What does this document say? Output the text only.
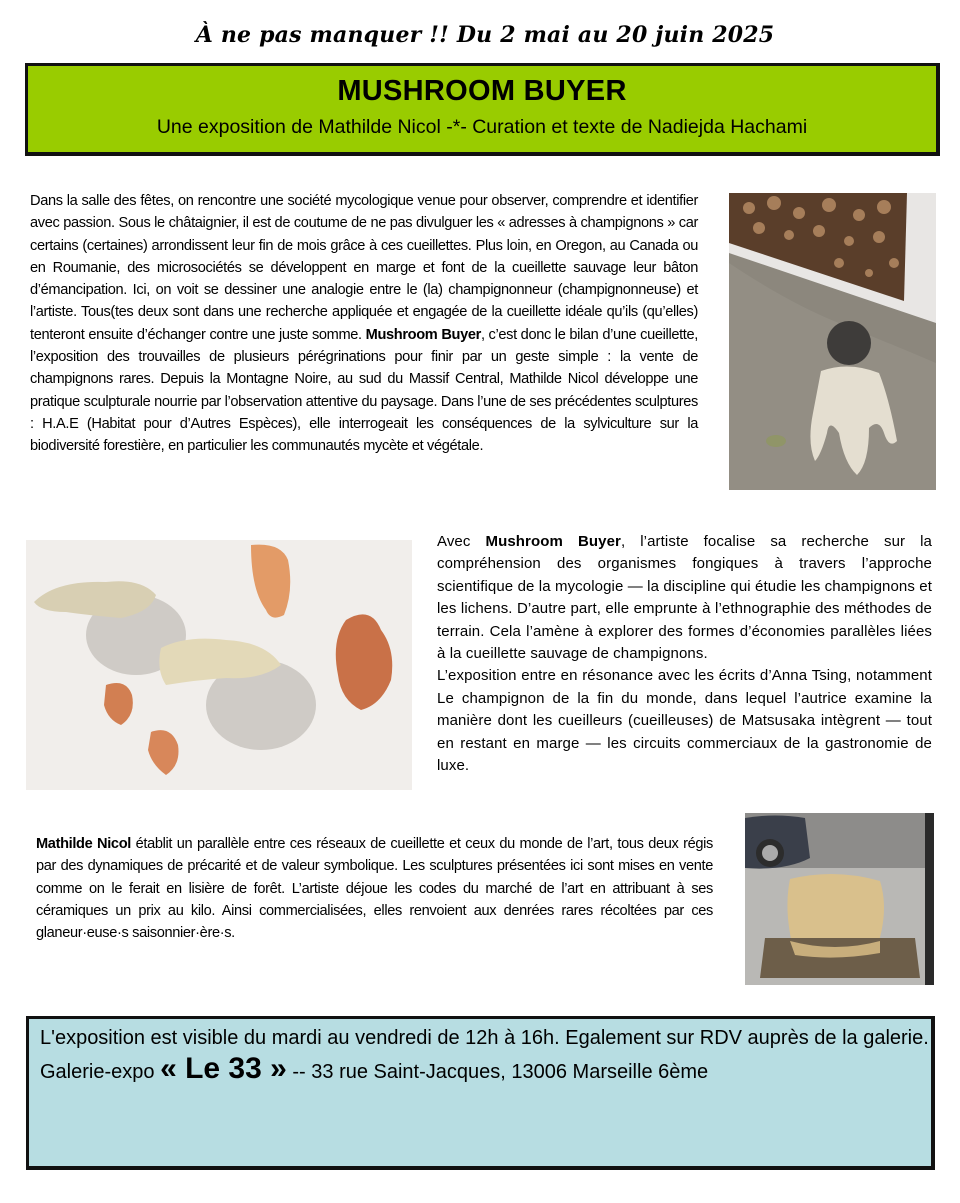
À ne pas manquer !! Du 2 mai au 20 juin 2025
MUSHROOM BUYER
Une exposition de Mathilde Nicol -*- Curation et texte de Nadiejda Hachami
Dans la salle des fêtes, on rencontre une société mycologique venue pour observer, comprendre et identifier avec passion. Sous le châtaignier, il est de coutume de ne pas divulguer les « adresses à champignons » car certains (certaines) arrondissent leur fin de mois grâce à ces cueillettes. Plus loin, en Oregon, au Canada ou en Roumanie, des microsociétés se développent en marge et font de la cueillette sauvage leur bâton d’émancipation. Ici, on voit se dessiner une analogie entre le (la) champignonneur (champignonneuse) et l’artiste. Tous(tes deux sont dans une recherche appliquée et engagée de la cueillette idéale qu’ils (qu’elles) tenteront ensuite d’échanger contre une juste somme. Mushroom Buyer, c’est donc le bilan d’une cueillette, l’exposition des trouvailles de plusieurs pérégrinations pour finir par un geste simple : la vente de champignons rares. Depuis la Montagne Noire, au sud du Massif Central, Mathilde Nicol développe une pratique sculpturale nourrie par l’observation attentive du paysage. Dans l’une de ses précédentes sculptures : H.A.E (Habitat pour d’Autres Espèces), elle interrogeait les conséquences de la sylviculture sur la biodiversité forestière, en particulier les communautés mycète et végétale.
Avec Mushroom Buyer, l’artiste focalise sa recherche sur la compréhension des organismes fongiques à travers l’approche scientifique de la mycologie — la discipline qui étudie les champignons et les lichens. D’autre part, elle emprunte à l’ethnographie des méthodes de terrain. Cela l’amène à explorer des formes d’économies parallèles liées à la cueillette sauvage de champignons.
L’exposition entre en résonance avec les écrits d’Anna Tsing, notamment Le champignon de la fin du monde, dans lequel l’autrice examine la manière dont les cueilleurs (cueilleuses) de Matsusaka intègrent — tout en restant en marge — les circuits commerciaux de la gastronomie de luxe.
Mathilde Nicol établit un parallèle entre ces réseaux de cueillette et ceux du monde de l’art, tous deux régis par des dynamiques de précarité et de valeur symbolique. Les sculptures présentées ici sont mises en vente comme on le ferait en lisière de forêt. L’artiste déjoue les codes du marché de l’art en attribuant à ses céramiques un prix au kilo. Ainsi commercialisées, elles renvoient aux denrées rares récoltées par ces glaneur·euse·s saisonnier·ère·s.
L'exposition est visible du mardi au vendredi de 12h à 16h. Egalement sur RDV auprès de la galerie.
Galerie-expo « Le 33 » -- 33 rue Saint-Jacques, 13006 Marseille 6ème
